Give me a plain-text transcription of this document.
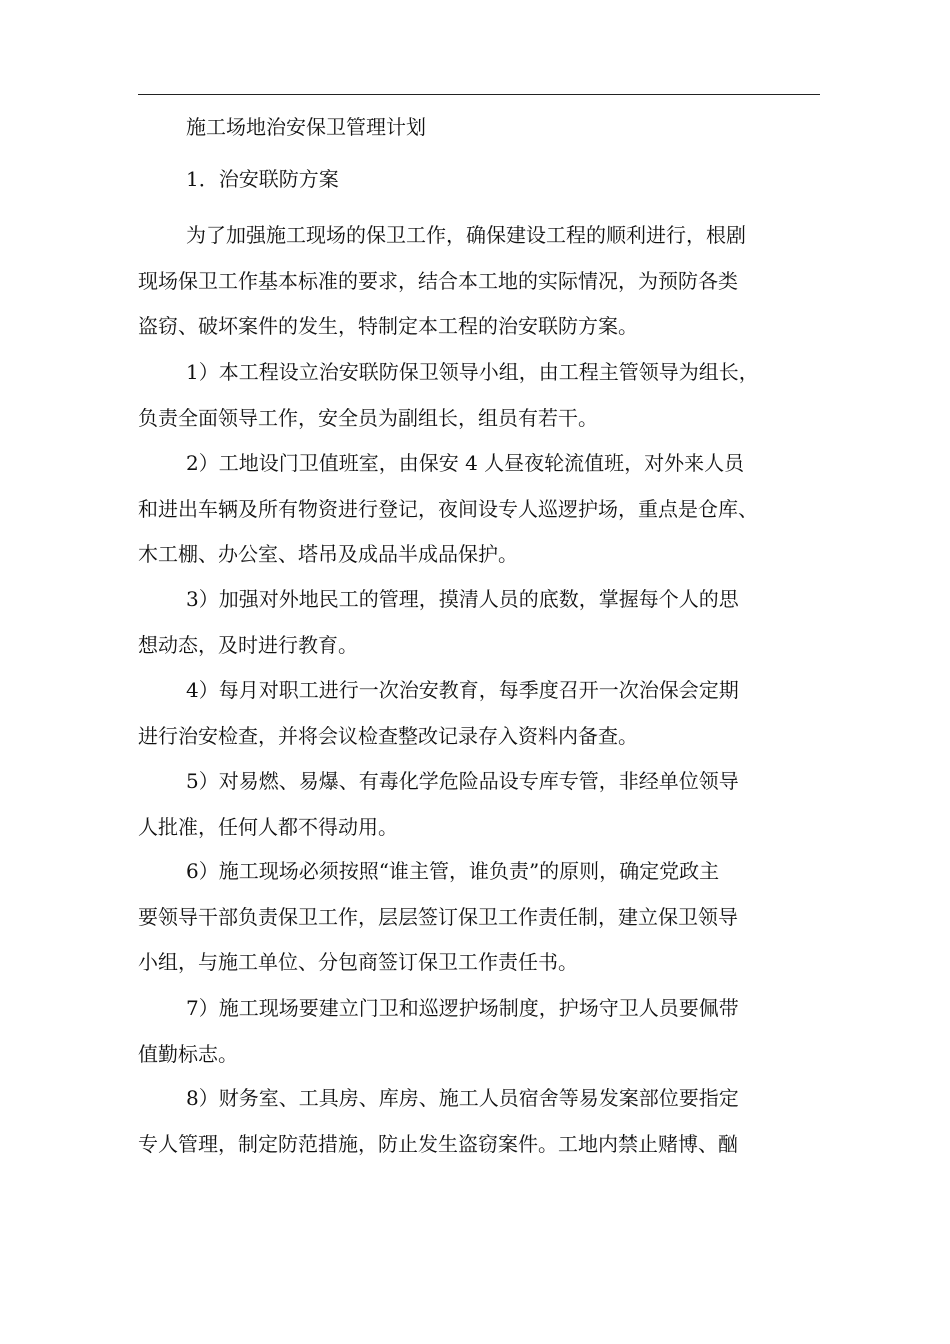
施工场地治安保卫管理计划
1．治安联防方案
为了加强施工现场的保卫工作，确保建设工程的顺利进行，根剧
现场保卫工作基本标准的要求，结合本工地的实际情况，为预防各类
盗窃、破坏案件的发生，特制定本工程的治安联防方案。
1）本工程设立治安联防保卫领导小组，由工程主管领导为组长，
负责全面领导工作，安全员为副组长，组员有若干。
2）工地设门卫值班室，由保安 4 人昼夜轮流值班，对外来人员
和进出车辆及所有物资进行登记，夜间设专人巡逻护场，重点是仓库、
木工棚、办公室、塔吊及成品半成品保护。
3）加强对外地民工的管理，摸清人员的底数，掌握每个人的思
想动态，及时进行教育。
4）每月对职工进行一次治安教育，每季度召开一次治保会定期
进行治安检查，并将会议检查整改记录存入资料内备查。
5）对易燃、易爆、有毒化学危险品设专库专管，非经单位领导
人批准，任何人都不得动用。
6）施工现场必须按照“谁主管，谁负责”的原则，确定党政主
要领导干部负责保卫工作，层层签订保卫工作责任制，建立保卫领导
小组，与施工单位、分包商签订保卫工作责任书。
7）施工现场要建立门卫和巡逻护场制度，护场守卫人员要佩带
值勤标志。
8）财务室、工具房、库房、施工人员宿舍等易发案部位要指定
专人管理，制定防范措施，防止发生盗窃案件。工地内禁止赌博、酗
